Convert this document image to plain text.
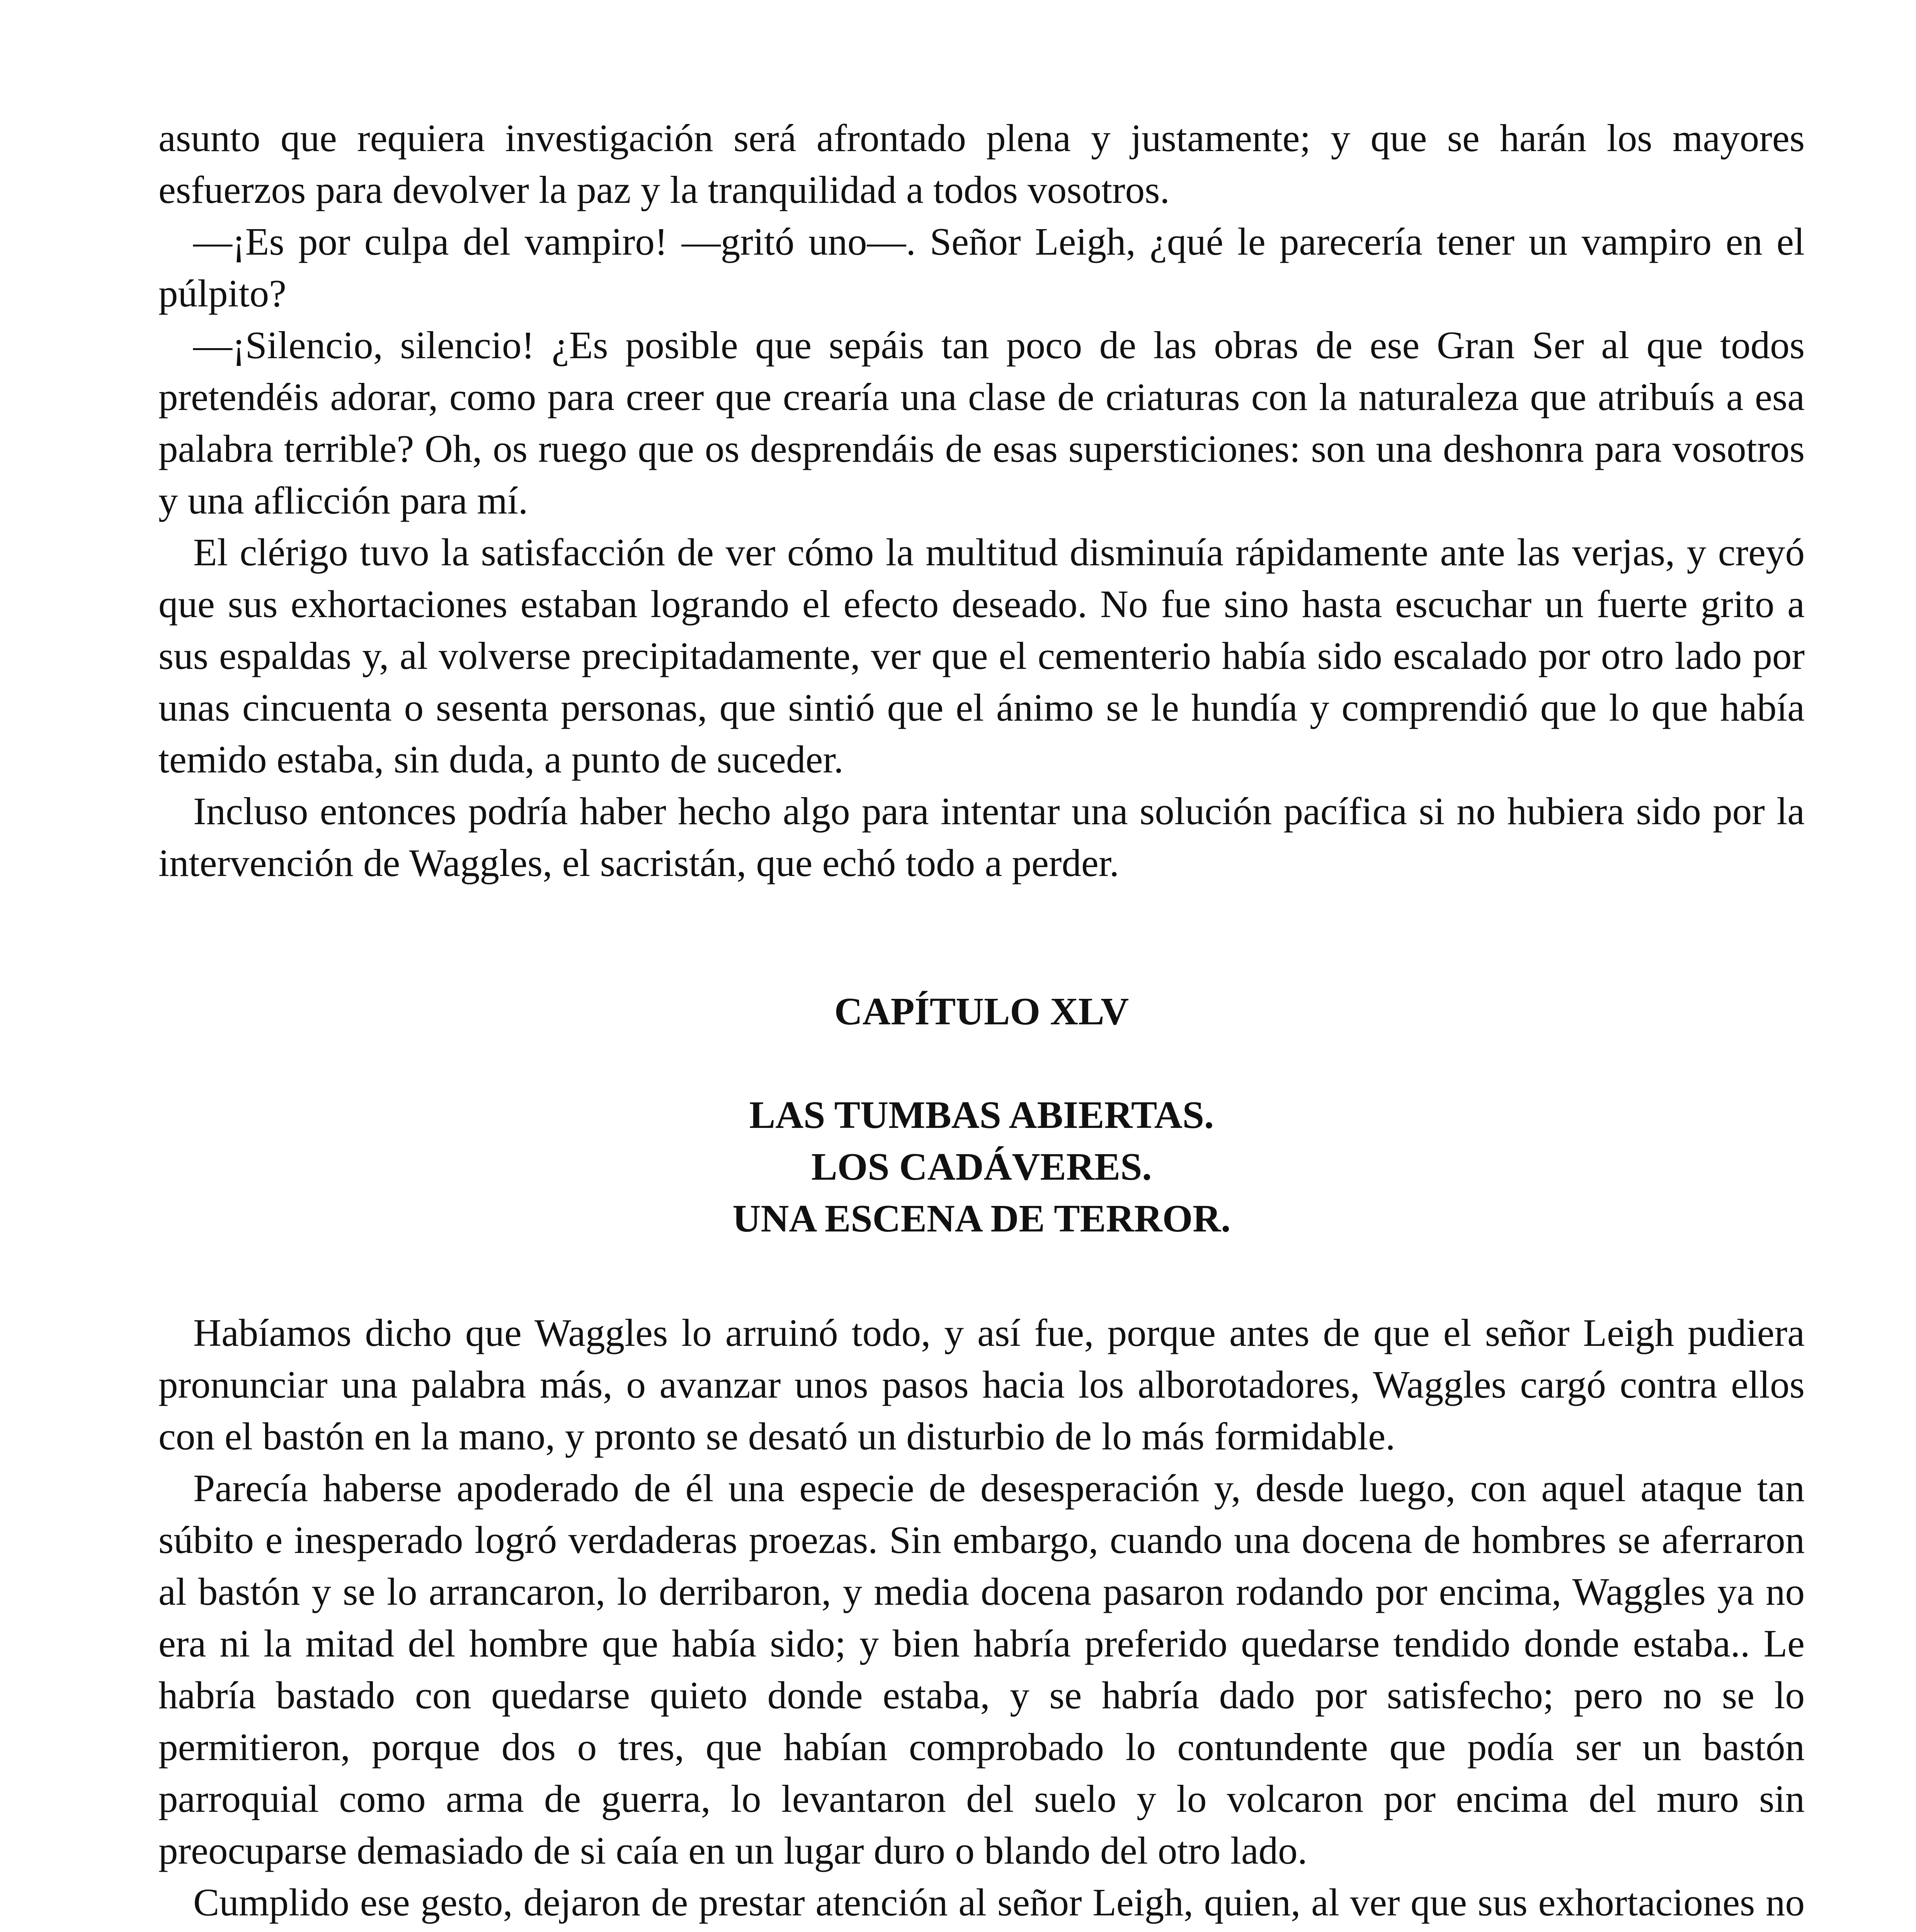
asunto que requiera investigación será afrontado plena y justamente; y que se harán los mayores esfuerzos para devolver la paz y la tranquilidad a todos vosotros.

—¡Es por culpa del vampiro! —gritó uno—. Señor Leigh, ¿qué le parecería tener un vampiro en el púlpito?

—¡Silencio, silencio! ¿Es posible que sepáis tan poco de las obras de ese Gran Ser al que todos pretendéis adorar, como para creer que crearía una clase de criaturas con la naturaleza que atribuís a esa palabra terrible? Oh, os ruego que os desprendáis de esas supersticiones: son una deshonra para vosotros y una aflicción para mí.

El clérigo tuvo la satisfacción de ver cómo la multitud disminuía rápidamente ante las verjas, y creyó que sus exhortaciones estaban logrando el efecto deseado. No fue sino hasta escuchar un fuerte grito a sus espaldas y, al volverse precipitadamente, ver que el cementerio había sido escalado por otro lado por unas cincuenta o sesenta personas, que sintió que el ánimo se le hundía y comprendió que lo que había temido estaba, sin duda, a punto de suceder.

Incluso entonces podría haber hecho algo para intentar una solución pacífica si no hubiera sido por la intervención de Waggles, el sacristán, que echó todo a perder.

CAPÍTULO XLV

LAS TUMBAS ABIERTAS.
LOS CADÁVERES.
UNA ESCENA DE TERROR.

Habíamos dicho que Waggles lo arruinó todo, y así fue, porque antes de que el señor Leigh pudiera pronunciar una palabra más, o avanzar unos pasos hacia los alborotadores, Waggles cargó contra ellos con el bastón en la mano, y pronto se desató un disturbio de lo más formidable.

Parecía haberse apoderado de él una especie de desesperación y, desde luego, con aquel ataque tan súbito e inesperado logró verdaderas proezas. Sin embargo, cuando una docena de hombres se aferraron al bastón y se lo arrancaron, lo derribaron, y media docena pasaron rodando por encima, Waggles ya no era ni la mitad del hombre que había sido; y bien habría preferido quedarse tendido donde estaba.. Le habría bastado con quedarse quieto donde estaba, y se habría dado por satisfecho; pero no se lo permitieron, porque dos o tres, que habían comprobado lo contundente que podía ser un bastón parroquial como arma de guerra, lo levantaron del suelo y lo volcaron por encima del muro sin preocuparse demasiado de si caía en un lugar duro o blando del otro lado.

Cumplido ese gesto, dejaron de prestar atención al señor Leigh, quien, al ver que sus exhortaciones no
